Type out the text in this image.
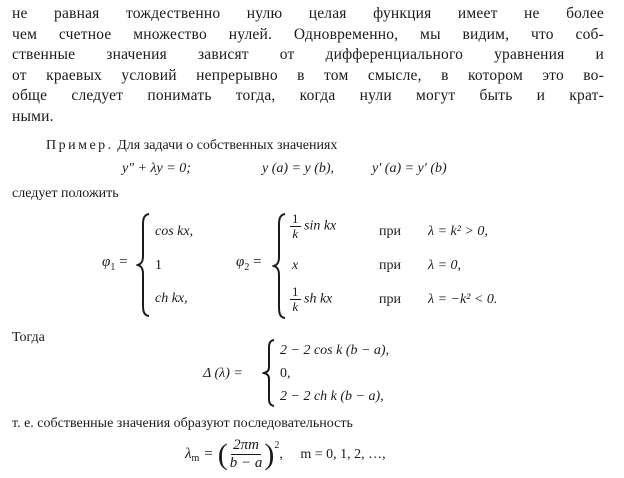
не равная тождественно нулю целая функция имеет не более
чем счетное множество нулей. Одновременно, мы видим, что соб-
ственные значения зависят от дифференциального уравнения и
от краевых условий непрерывно в том смысле, в котором это во-
обще следует понимать тогда, когда нули могут быть и крат-
ными.
Пример. Для задачи о собственных значениях
y″ + λy = 0;	y (a) = y (b),	y′ (a) = y′ (b)
следует положить
$\varphi_1$ =
cos kx,
1
ch kx,
$\varphi_2$ =
$\frac{1}{k}$ sin kx	при λ = k² > 0,
x	при λ = 0,
$\frac{1}{k}$ sh kx	при λ = −k² < 0.
Тогда
Δ (λ) =
2 − 2 cos k (b − a),
0,
2 − 2 ch k (b − a),
т. е. собственные значения образуют последовательность
$\lambda_m$ = ( $\frac{2\pi m}{b - a} )^2$
,     m = 0, 1, 2, …,
